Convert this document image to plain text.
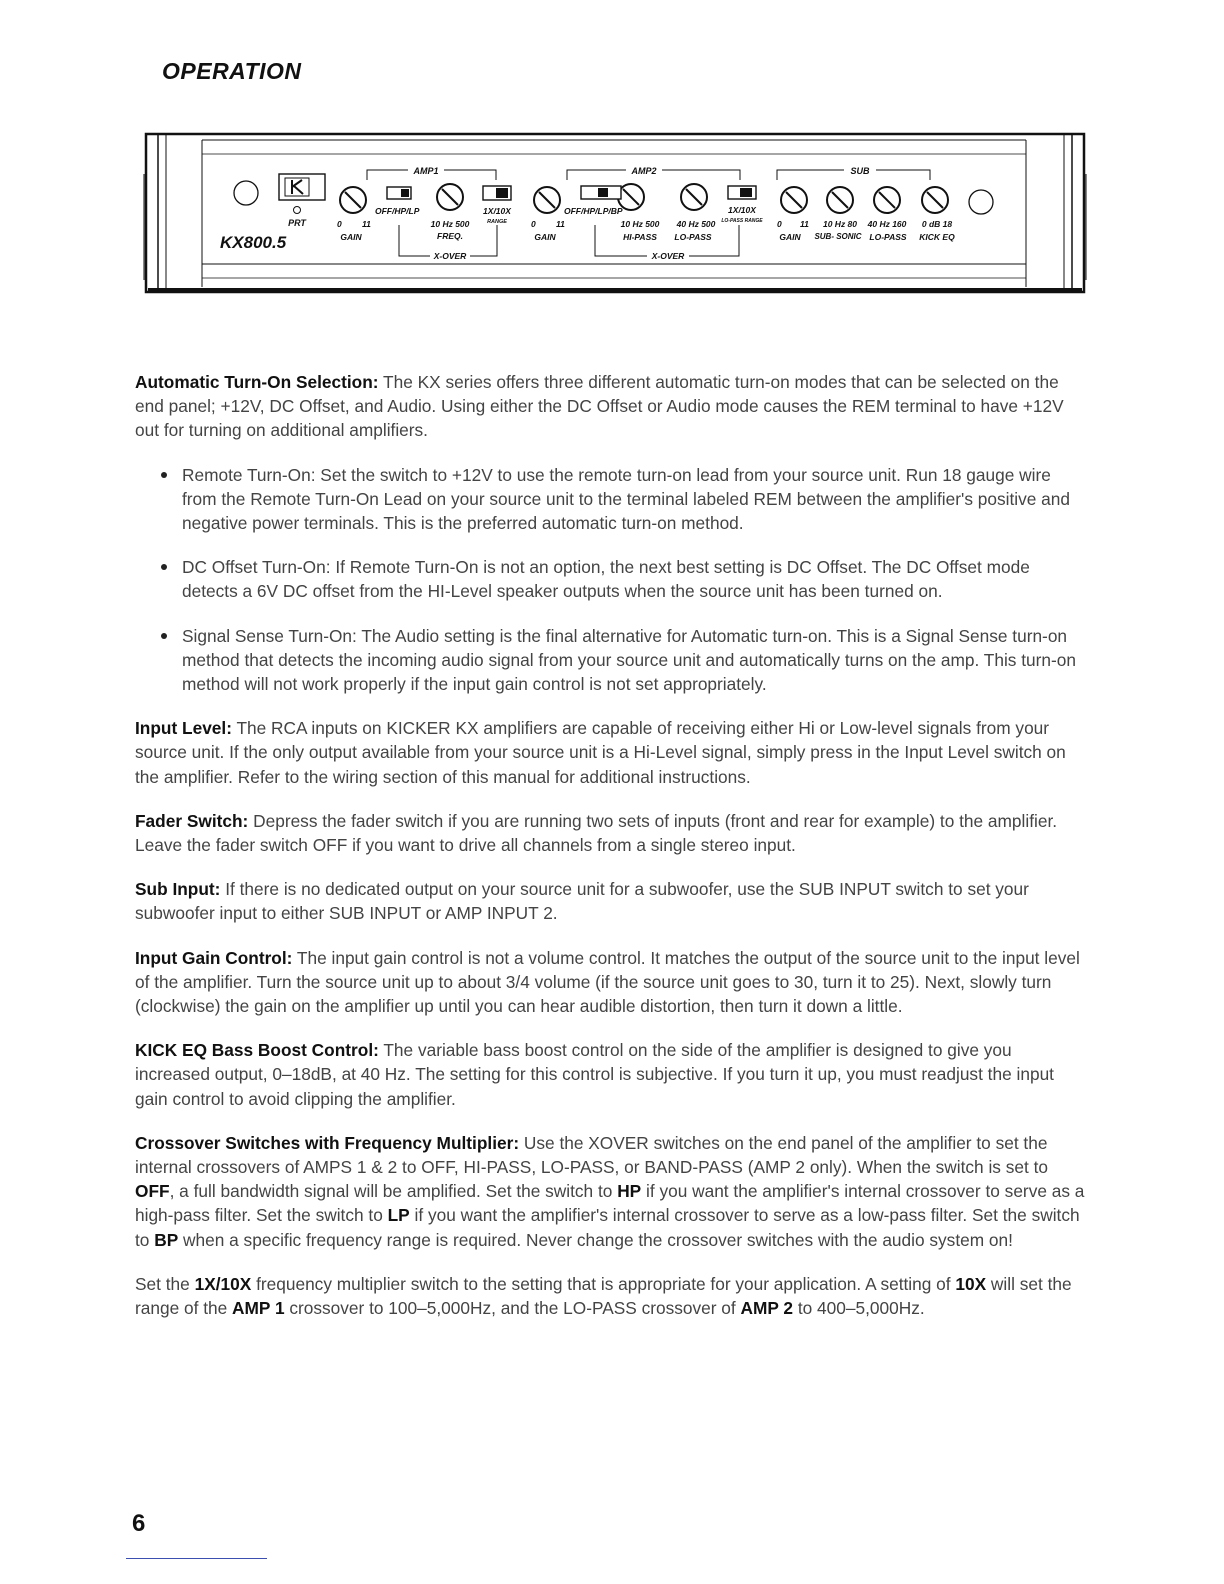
OPERATION
AMP1	AMP2	SUB
PRT
KX800.5
0 11
GAIN
OFF/HP/LP
10 Hz 500
FREQ.
1X/10X
RANGE
X-OVER
0 11
GAIN
OFF/HP/LP/BP
10 Hz 500 40 Hz 500
HI-PASS LO-PASS
1X/10X
LO-PASS RANGE
X-OVER
0 11
GAIN
10 Hz 80 40 Hz 160 0 dB 18
SUB- SONIC LO-PASS KICK EQ

Automatic Turn-On Selection: The KX series offers three different automatic turn-on modes that can be selected on the end panel; +12V, DC Offset, and Audio. Using either the DC Offset or Audio mode causes the REM terminal to have +12V out for turning on additional amplifiers.

Remote Turn-On: Set the switch to +12V to use the remote turn-on lead from your source unit. Run 18 gauge wire from the Remote Turn-On Lead on your source unit to the terminal labeled REM between the amplifier's positive and negative power terminals. This is the preferred automatic turn-on method.
DC Offset Turn-On: If Remote Turn-On is not an option, the next best setting is DC Offset. The DC Offset mode detects a 6V DC offset from the HI-Level speaker outputs when the source unit has been turned on.
Signal Sense Turn-On: The Audio setting is the final alternative for Automatic turn-on. This is a Signal Sense turn-on method that detects the incoming audio signal from your source unit and automatically turns on the amp. This turn-on method will not work properly if the input gain control is not set appropriately.

Input Level: The RCA inputs on KICKER KX amplifiers are capable of receiving either Hi or Low-level signals from your source unit. If the only output available from your source unit is a Hi-Level signal, simply press in the Input Level switch on the amplifier. Refer to the wiring section of this manual for additional instructions.

Fader Switch: Depress the fader switch if you are running two sets of inputs (front and rear for example) to the amplifier. Leave the fader switch OFF if you want to drive all channels from a single stereo input.

Sub Input: If there is no dedicated output on your source unit for a subwoofer, use the SUB INPUT switch to set your subwoofer input to either SUB INPUT or AMP INPUT 2.

Input Gain Control: The input gain control is not a volume control. It matches the output of the source unit to the input level of the amplifier. Turn the source unit up to about 3/4 volume (if the source unit goes to 30, turn it to 25). Next, slowly turn (clockwise) the gain on the amplifier up until you can hear audible distortion, then turn it down a little.

KICK EQ Bass Boost Control: The variable bass boost control on the side of the amplifier is designed to give you increased output, 0–18dB, at 40 Hz. The setting for this control is subjective. If you turn it up, you must readjust the input gain control to avoid clipping the amplifier.

Crossover Switches with Frequency Multiplier: Use the XOVER switches on the end panel of the amplifier to set the internal crossovers of AMPS 1 & 2 to OFF, HI-PASS, LO-PASS, or BAND-PASS (AMP 2 only). When the switch is set to OFF, a full bandwidth signal will be amplified. Set the switch to HP if you want the amplifier's internal crossover to serve as a high-pass filter. Set the switch to LP if you want the amplifier's internal crossover to serve as a low-pass filter. Set the switch to BP when a specific frequency range is required. Never change the crossover switches with the audio system on!

Set the 1X/10X frequency multiplier switch to the setting that is appropriate for your application. A setting of 10X will set the range of the AMP 1 crossover to 100–5,000Hz, and the LO-PASS crossover of AMP 2 to 400–5,000Hz.

6
